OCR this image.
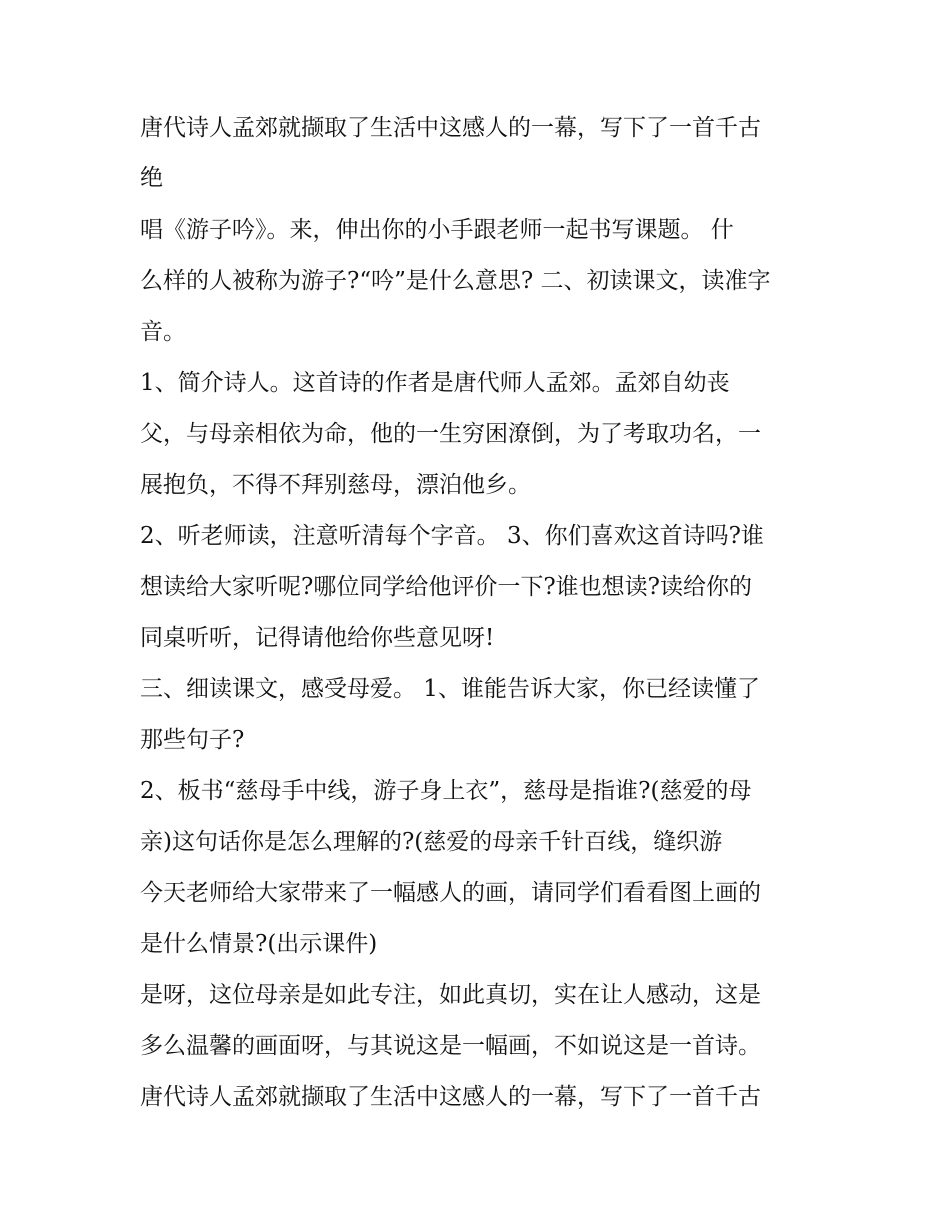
唐代诗人孟郊就撷取了生活中这感人的一幕，写下了一首千古
绝
唱《游子吟》。来，伸出你的小手跟老师一起书写课题。 什
么样的人被称为游子?“吟”是什么意思? 二、初读课文，读准字
音。
1、简介诗人。这首诗的作者是唐代师人孟郊。孟郊自幼丧
父，与母亲相依为命，他的一生穷困潦倒，为了考取功名，一
展抱负，不得不拜别慈母，漂泊他乡。
2、听老师读，注意听清每个字音。 3、你们喜欢这首诗吗?谁
想读给大家听呢?哪位同学给他评价一下?谁也想读?读给你的
同桌听听，记得请他给你些意见呀!
三、细读课文，感受母爱。 1、谁能告诉大家，你已经读懂了
那些句子?
2、板书“慈母手中线，游子身上衣”，慈母是指谁?(慈爱的母
亲)这句话你是怎么理解的?(慈爱的母亲千针百线，缝织游
今天老师给大家带来了一幅感人的画，请同学们看看图上画的
是什么情景?(出示课件)
是呀，这位母亲是如此专注，如此真切，实在让人感动，这是
多么温馨的画面呀，与其说这是一幅画，不如说这是一首诗。
唐代诗人孟郊就撷取了生活中这感人的一幕，写下了一首千古
